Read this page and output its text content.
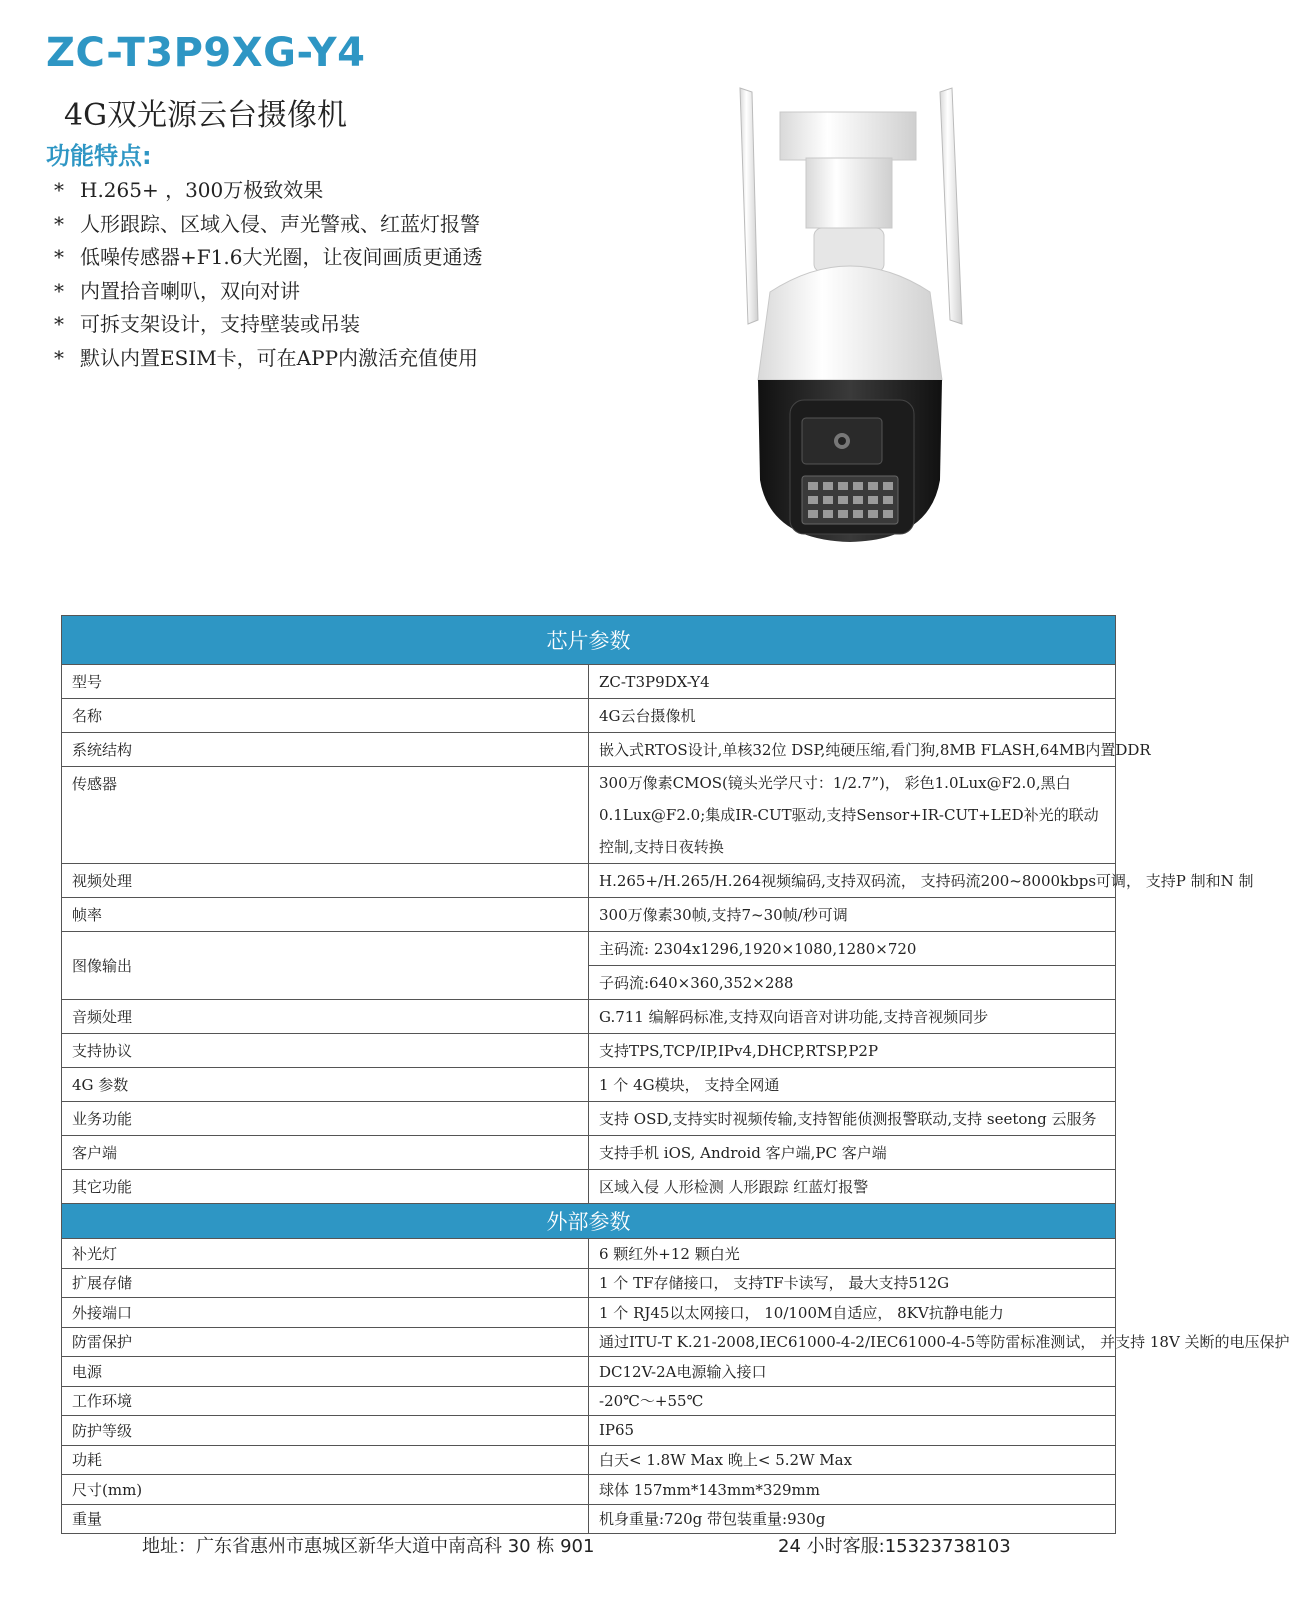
ZC-T3P9XG-Y4
4G双光源云台摄像机
功能特点:
* H.265+ ，300万极致效果
* 人形跟踪、区域入侵、声光警戒、红蓝灯报警
* 低噪传感器+F1.6大光圈，让夜间画质更通透
* 内置拾音喇叭，双向对讲
* 可拆支架设计，支持壁装或吊装
* 默认内置ESIM卡，可在APP内激活充值使用
芯片参数	
型号	ZC-T3P9DX-Y4
名称	4G云台摄像机
系统结构	嵌入式RTOS设计,单核32位 DSP,纯硬压缩,看门狗,8MB FLASH,64MB内置DDR
传感器	300万像素CMOS(镜头光学尺寸：1/2.7”)， 彩色1.0Lux@F2.0,黑白0.1Lux@F2.0;集成IR-CUT驱动,支持Sensor+IR-CUT+LED补光的联动控制,支持日夜转换
视频处理	H.265+/H.265/H.264视频编码,支持双码流， 支持码流200~8000kbps可调， 支持P 制和N 制
帧率	300万像素30帧,支持7~30帧/秒可调
图像输出	主码流: 2304x1296,1920×1080,1280×720
	子码流:640×360,352×288
音频处理	G.711 编解码标准,支持双向语音对讲功能,支持音视频同步
支持协议	支持TPS,TCP/IP,IPv4,DHCP,RTSP,P2P
4G 参数	1 个 4G模块， 支持全网通
业务功能	支持 OSD,支持实时视频传输,支持智能侦测报警联动,支持 seetong 云服务
客户端	支持手机 iOS, Android 客户端,PC 客户端
其它功能	区域入侵 人形检测 人形跟踪 红蓝灯报警
外部参数	
补光灯	6 颗红外+12 颗白光
扩展存储	1 个 TF存储接口， 支持TF卡读写， 最大支持512G
外接端口	1 个 RJ45以太网接口， 10/100M自适应， 8KV抗静电能力
防雷保护	通过ITU-T K.21-2008,IEC61000-4-2/IEC61000-4-5等防雷标准测试， 并支持 18V 关断的电压保护
电源	DC12V-2A电源输入接口
工作环境	-20℃～+55℃
防护等级	IP65
功耗	白天< 1.8W Max 晚上< 5.2W Max
尺寸(mm)	球体 157mm*143mm*329mm
重量	机身重量:720g 带包装重量:930g
地址：广东省惠州市惠城区新华大道中南高科 30 栋 901	24 小时客服:15323738103
